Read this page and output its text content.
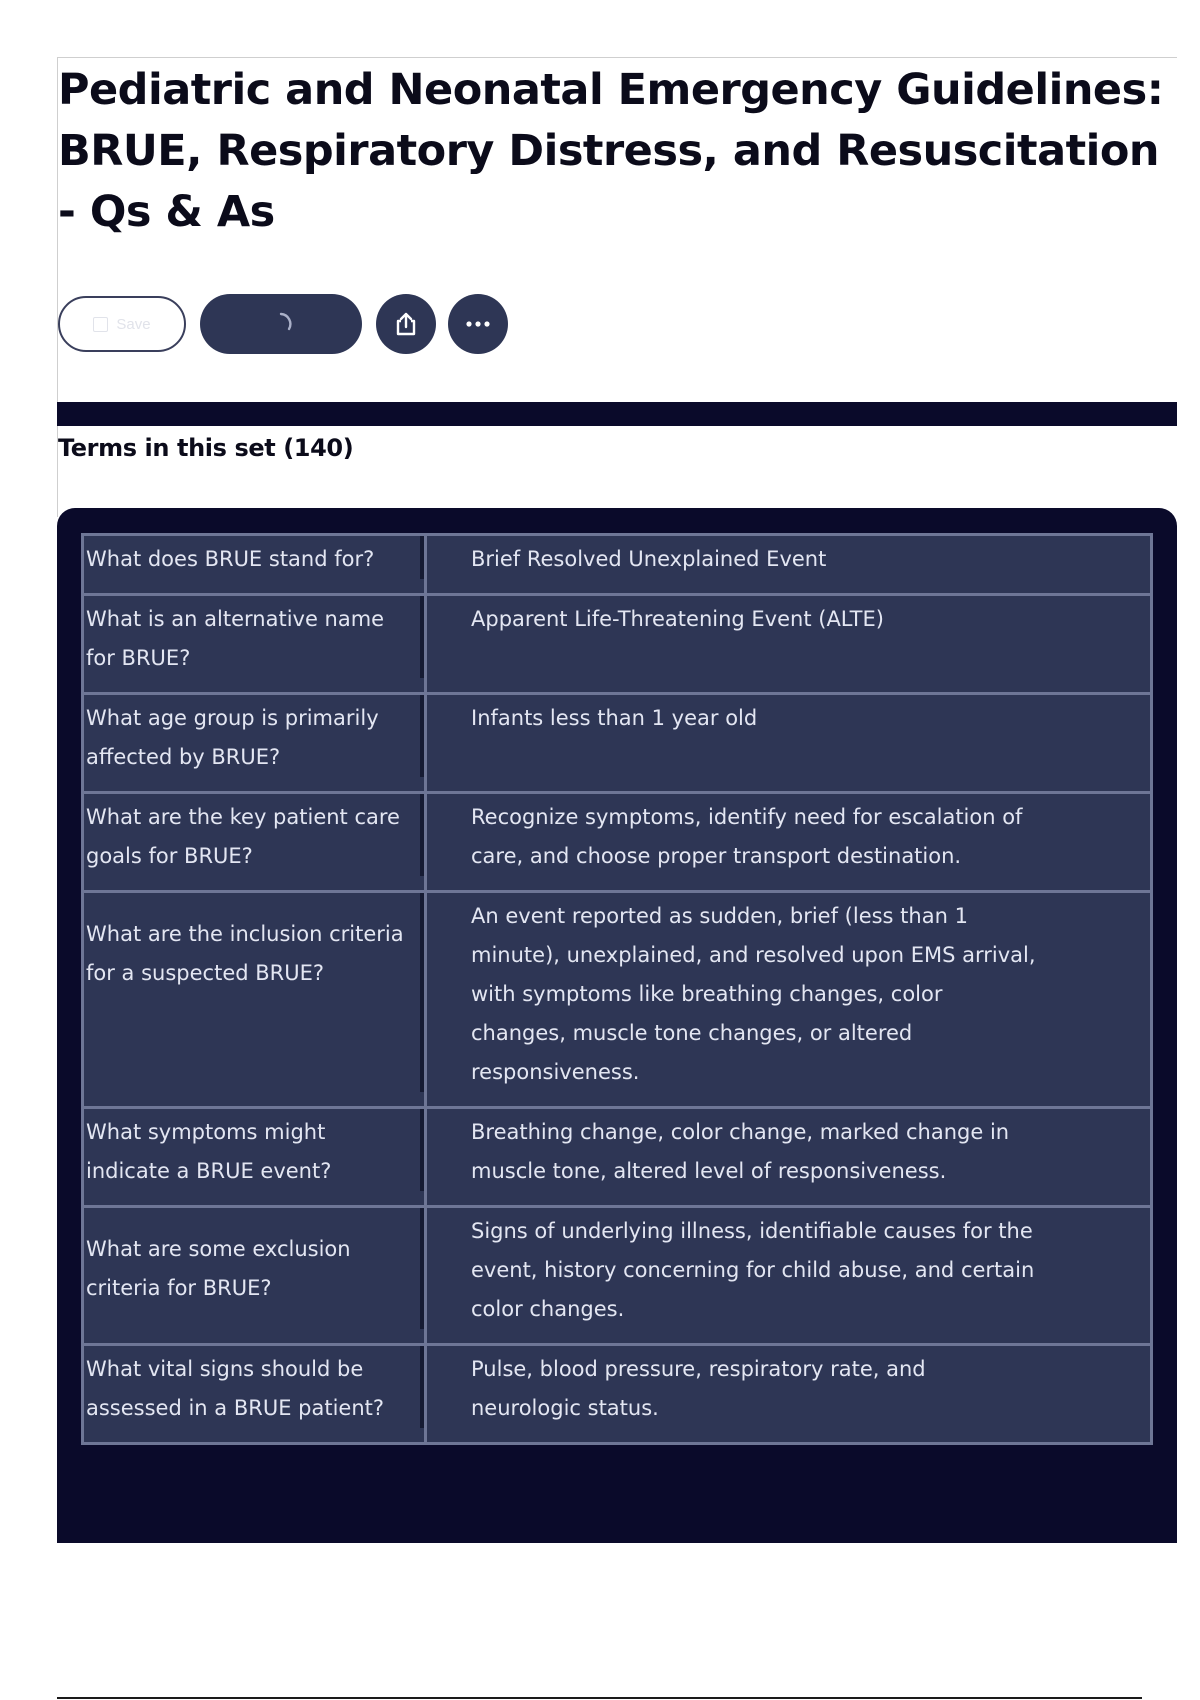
Pediatric and Neonatal Emergency Guidelines: BRUE, Respiratory Distress, and Resuscitation - Qs & As
Save
Terms in this set (140)
What does BRUE stand for?	Brief Resolved Unexplained Event
What is an alternative name for BRUE?	Apparent Life-Threatening Event (ALTE)
What age group is primarily affected by BRUE?	Infants less than 1 year old
What are the key patient care goals for BRUE?	Recognize symptoms, identify need for escalation of care, and choose proper transport destination.
What are the inclusion criteria for a suspected BRUE?	An event reported as sudden, brief (less than 1 minute), unexplained, and resolved upon EMS arrival, with symptoms like breathing changes, color changes, muscle tone changes, or altered responsiveness.
What symptoms might indicate a BRUE event?	Breathing change, color change, marked change in muscle tone, altered level of responsiveness.
What are some exclusion criteria for BRUE?	Signs of underlying illness, identifiable causes for the event, history concerning for child abuse, and certain color changes.
What vital signs should be assessed in a BRUE patient?	Pulse, blood pressure, respiratory rate, and neurologic status.
